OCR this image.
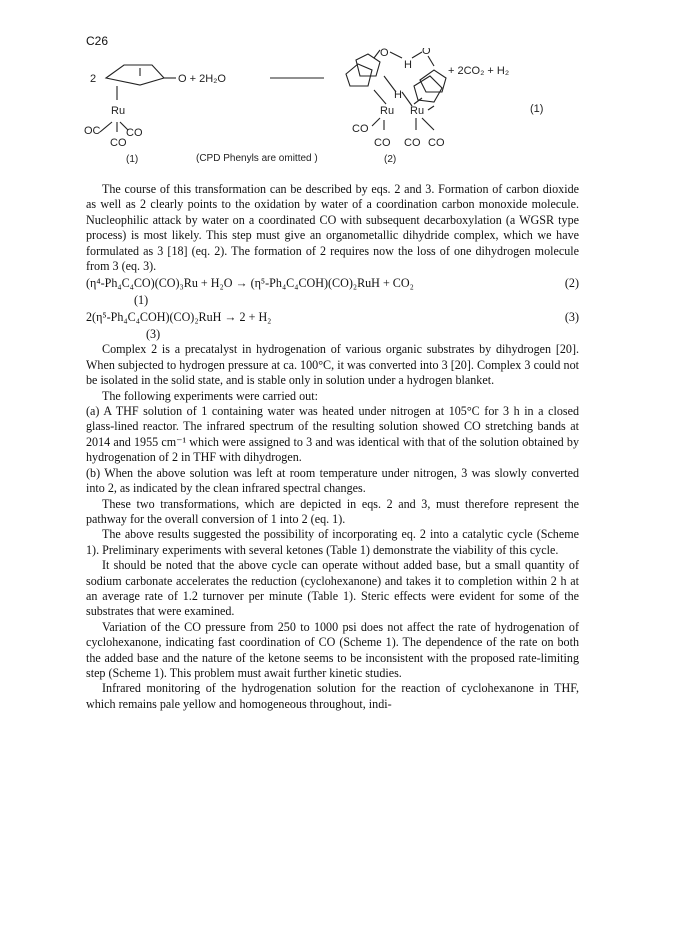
C26
2	O + 2H₂O
Ru
OC CO
CO
O	O
H
H
+ 2CO₂ + H₂
Ru Ru
CO
CO CO CO
(1)
(1)	(CPD Phenyls are omitted )	(2)

The course of this transformation can be described by eqs. 2 and 3. Formation of carbon dioxide as well as 2 clearly points to the oxidation by water of a coordination carbon monoxide molecule. Nucleophilic attack by water on a coordinated CO with subsequent decarboxylation (a WGSR type process) is most likely. This step must give an organometallic dihydride complex, which we have formulated as 3 [18] (eq. 2). The formation of 2 requires now the loss of one dihydrogen molecule from 3 (eq. 3).

(η⁴-Ph₄C₄CO)(CO)₃Ru + H₂O → (η⁵-Ph₄C₄COH)(CO)₂RuH + CO₂	(2)
(1)
2(η⁵-Ph₄C₄COH)(CO)₂RuH → 2 + H₂	(3)
(3)

Complex 2 is a precatalyst in hydrogenation of various organic substrates by dihydrogen [20]. When subjected to hydrogen pressure at ca. 100°C, it was converted into 3 [20]. Complex 3 could not be isolated in the solid state, and is stable only in solution under a hydrogen blanket.

The following experiments were carried out:

(a) A THF solution of 1 containing water was heated under nitrogen at 105°C for 3 h in a closed glass-lined reactor. The infrared spectrum of the resulting solution showed CO stretching bands at 2014 and 1955 cm⁻¹ which were assigned to 3 and was identical with that of the solution obtained by hydrogenation of 2 in THF with dihydrogen.

(b) When the above solution was left at room temperature under nitrogen, 3 was slowly converted into 2, as indicated by the clean infrared spectral changes.

These two transformations, which are depicted in eqs. 2 and 3, must therefore represent the pathway for the overall conversion of 1 into 2 (eq. 1).

The above results suggested the possibility of incorporating eq. 2 into a catalytic cycle (Scheme 1). Preliminary experiments with several ketones (Table 1) demonstrate the viability of this cycle.

It should be noted that the above cycle can operate without added base, but a small quantity of sodium carbonate accelerates the reduction (cyclohexanone) and takes it to completion within 2 h at an average rate of 1.2 turnover per minute (Table 1). Steric effects were evident for some of the substrates that were examined.

Variation of the CO pressure from 250 to 1000 psi does not affect the rate of hydrogenation of cyclohexanone, indicating fast coordination of CO (Scheme 1). The dependence of the rate on both the added base and the nature of the ketone seems to be inconsistent with the proposed rate-limiting step (Scheme 1). This problem must await further kinetic studies.

Infrared monitoring of the hydrogenation solution for the reaction of cyclohexanone in THF, which remains pale yellow and homogeneous throughout, indi-
